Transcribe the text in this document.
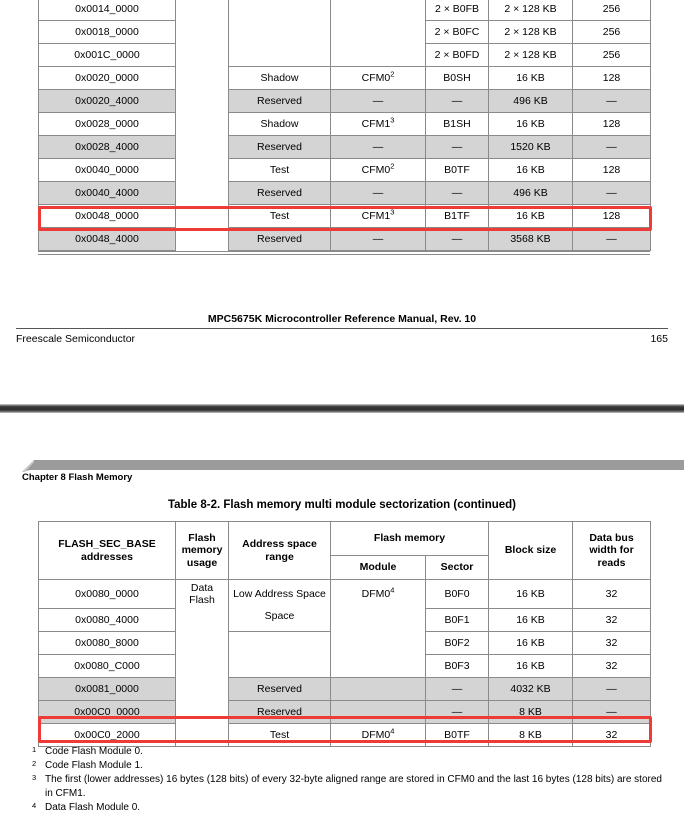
0x0014_0000				2 × B0FB	2 × 128 KB	256
0x0018_0000				2 × B0FC	2 × 128 KB	256
0x001C_0000				2 × B0FD	2 × 128 KB	256
0x0020_0000		Shadow	$CFM0^2$	B0SH	16 KB	128
0x0020_4000		Reserved	—	—	496 KB	—
0x0028_0000		Shadow	$CFM1^3$	B1SH	16 KB	128
0x0028_4000		Reserved	—	—	1520 KB	—
0x0040_0000		Test	$CFM0^2$	B0TF	16 KB	128
0x0040_4000		Reserved	—	—	496 KB	—
0x0048_0000		Test	$CFM1^3$	B1TF	16 KB	128
0x0048_4000		Reserved	—	—	3568 KB	—
MPC5675K Microcontroller Reference Manual, Rev. 10
Freescale Semiconductor	165
Chapter 8 Flash Memory
Table 8-2. Flash memory multi module sectorization (continued)
FLASH_SEC_BASE addresses	Flash memory usage	Address space range	Flash memory		Block size	Data bus width for reads
			Module	Sector		
0x0080_0000	Data Flash	Low Address Space	$DFM0^4$	B0F0	16 KB	32
0x0080_4000		Space		B0F1	16 KB	32
0x0080_8000				B0F2	16 KB	32
0x0080_C000				B0F3	16 KB	32
0x0081_0000		Reserved		—	4032 KB	—
0x00C0_0000		Reserved		—	8 KB	—
0x00C0_2000		Test	$DFM0^4$	B0TF	8 KB	32
1 Code Flash Module 0.
2 Code Flash Module 1.
3 The first (lower addresses) 16 bytes (128 bits) of every 32-byte aligned range are stored in CFM0 and the last 16 bytes (128 bits) are stored in CFM1.
4 Data Flash Module 0.
